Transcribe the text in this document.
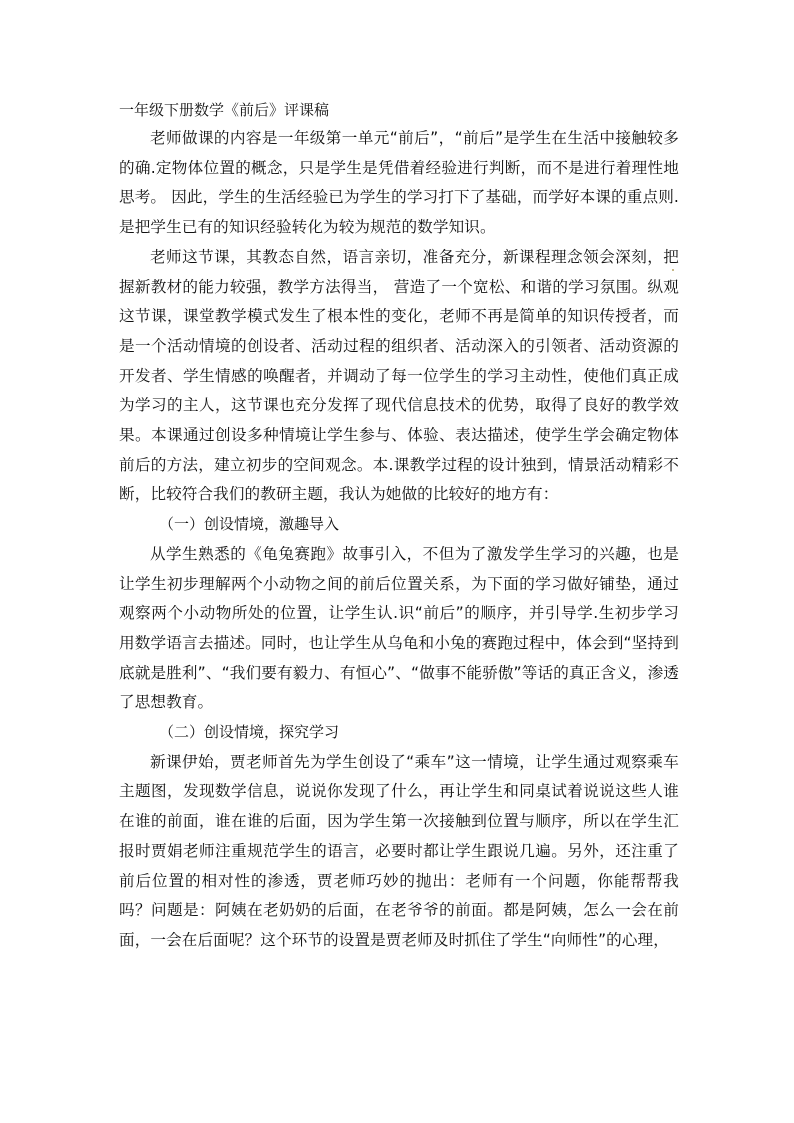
一年级下册数学《前后》评课稿

老师做课的内容是一年级第一单元“前后”，“前后”是学生在生活中接触较多的确.定物体位置的概念，只是学生是凭借着经验进行判断，而不是进行着理性地思考。 因此，学生的生活经验已为学生的学习打下了基础，而学好本课的重点则.是把学生已有的知识经验转化为较为规范的数学知识。

老师这节课，其教态自然，语言亲切，准备充分，新课程理念领会深刻，把握新教材的能力较强，教学方法得当， 营造了一个宽松、和谐的学习氛围。纵观这节课，课堂教学模式发生了根本性的变化，老师不再是简单的知识传授者，而是一个活动情境的创设者、活动过程的组织者、活动深入的引领者、活动资源的开发者、学生情感的唤醒者，并调动了每一位学生的学习主动性，使他们真正成为学习的主人，这节课也充分发挥了现代信息技术的优势，取得了良好的教学效果。本课通过创设多种情境让学生参与、体验、表达描述，使学生学会确定物体前后的方法，建立初步的空间观念。本.课教学过程的设计独到，情景活动精彩不断，比较符合我们的教研主题，我认为她做的比较好的地方有：

（一）创设情境，激趣导入

从学生熟悉的《龟兔赛跑》故事引入，不但为了激发学生学习的兴趣，也是让学生初步理解两个小动物之间的前后位置关系，为下面的学习做好铺垫，通过观察两个小动物所处的位置，让学生认.识“前后”的顺序，并引导学.生初步学习用数学语言去描述。同时，也让学生从乌龟和小兔的赛跑过程中，体会到“坚持到底就是胜利”、“我们要有毅力、有恒心”、“做事不能骄傲”等话的真正含义，渗透了思想教育。

（二）创设情境，探究学习

新课伊始，贾老师首先为学生创设了“乘车”这一情境，让学生通过观察乘车主题图，发现数学信息，说说你发现了什么，再让学生和同桌试着说说这些人谁在谁的前面，谁在谁的后面，因为学生第一次接触到位置与顺序，所以在学生汇报时贾娟老师注重规范学生的语言，必要时都让学生跟说几遍。另外，还注重了前后位置的相对性的渗透，贾老师巧妙的抛出：老师有一个问题，你能帮帮我吗？问题是：阿姨在老奶奶的后面，在老爷爷的前面。都是阿姨，怎么一会在前面，一会在后面呢？这个环节的设置是贾老师及时抓住了学生“向师性”的心理，
